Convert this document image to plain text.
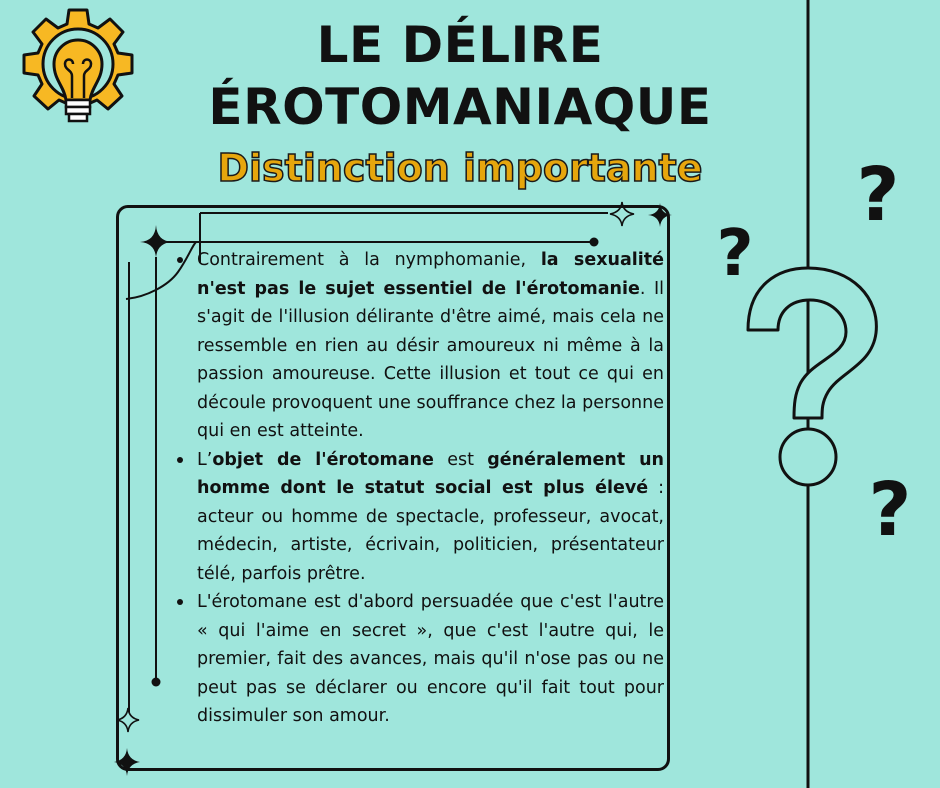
?
?
?
LE DÉLIRE
ÉROTOMANIAQUE
Distinction importante
Contrairement à la nymphomanie, la sexualité n'est pas le sujet essentiel de l'érotomanie. Il s'agit de l'illusion délirante d'être aimé, mais cela ne ressemble en rien au désir amoureux ni même à la passion amoureuse. Cette illusion et tout ce qui en découle provoquent une souffrance chez la personne qui en est atteinte.
L’objet de l'érotomane est généralement un homme dont le statut social est plus élevé : acteur ou homme de spectacle, professeur, avocat, médecin, artiste, écrivain, politicien, présentateur télé, parfois prêtre.
L'érotomane est d'abord persuadée que c'est l'autre « qui l'aime en secret », que c'est l'autre qui, le premier, fait des avances, mais qu'il n'ose pas ou ne peut pas se déclarer ou encore qu'il fait tout pour dissimuler son amour.
